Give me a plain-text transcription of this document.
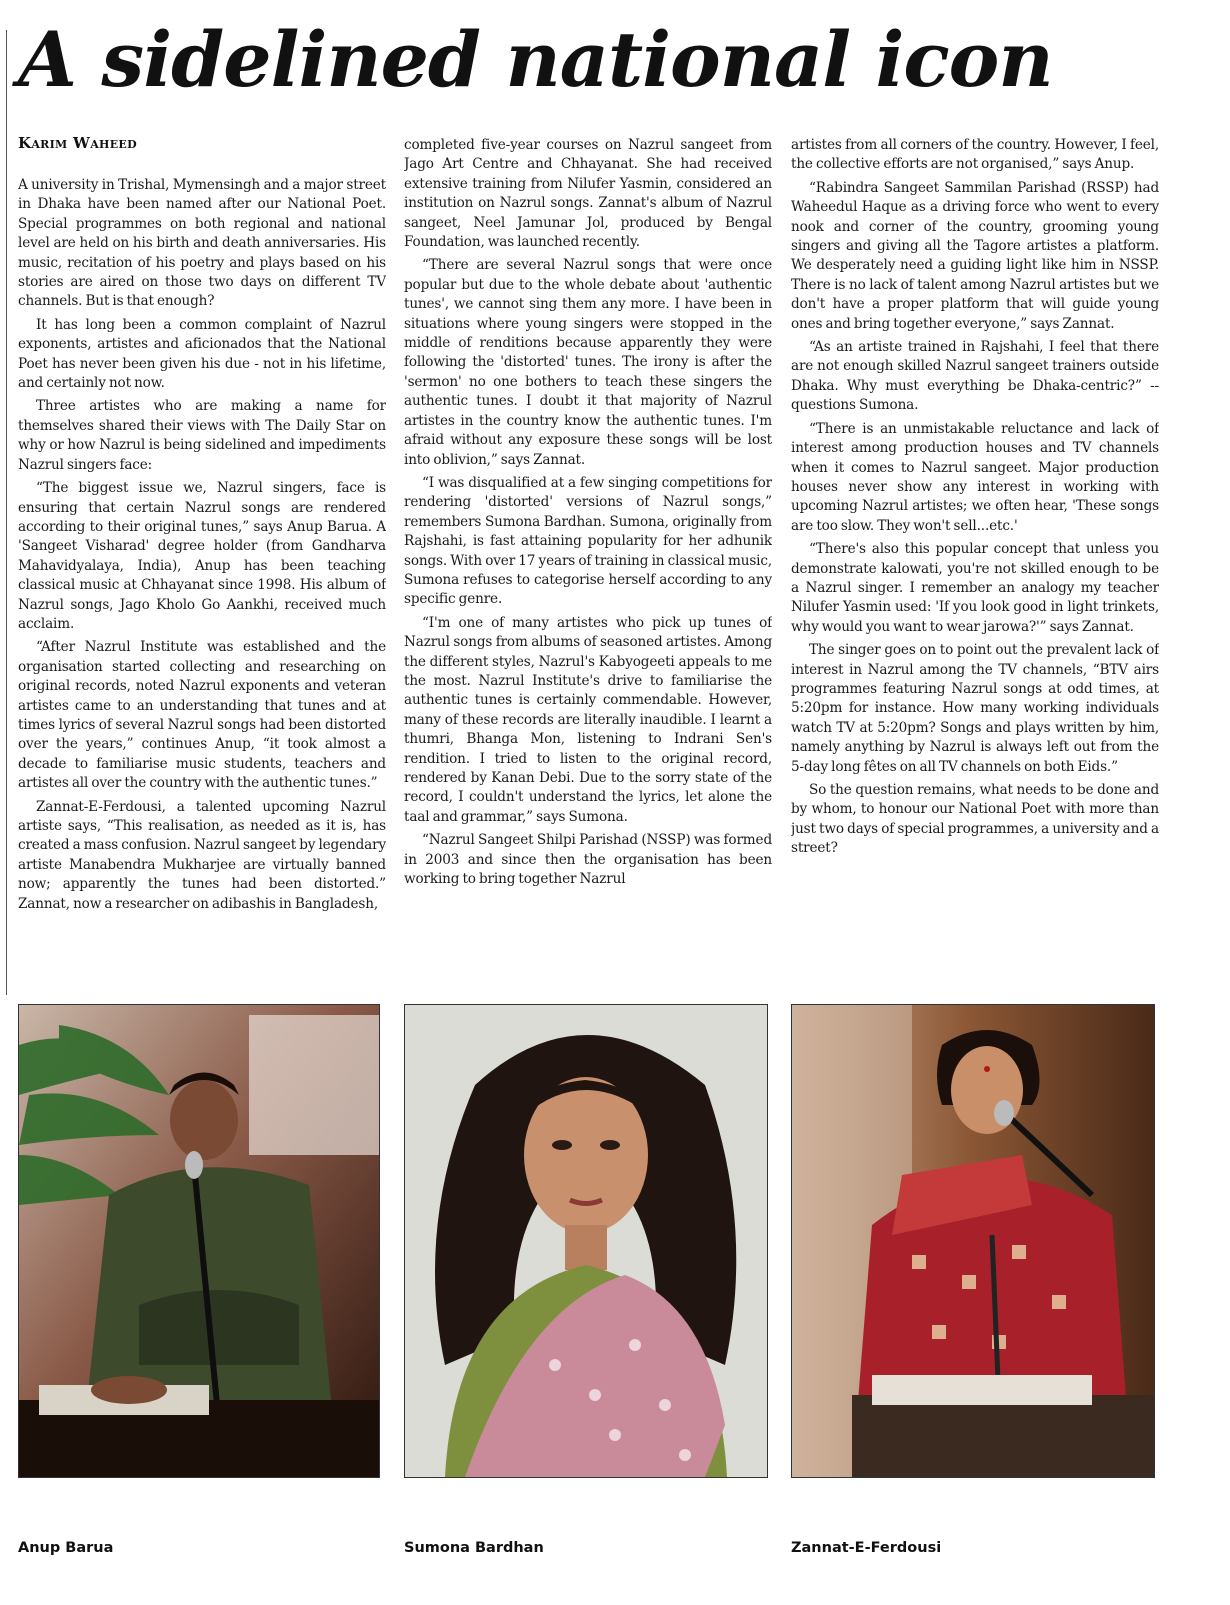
A sidelined national icon
Karim Waheed

A university in Trishal, Mymensingh and a major street in Dhaka have been named after our National Poet. Special programmes on both regional and national level are held on his birth and death anniversaries. His music, recitation of his poetry and plays based on his stories are aired on those two days on different TV channels. But is that enough?

It has long been a common complaint of Nazrul exponents, artistes and aficionados that the National Poet has never been given his due - not in his lifetime, and certainly not now.

Three artistes who are making a name for themselves shared their views with The Daily Star on why or how Nazrul is being sidelined and impediments Nazrul singers face:

“The biggest issue we, Nazrul singers, face is ensuring that certain Nazrul songs are rendered according to their original tunes,” says Anup Barua. A 'Sangeet Visharad' degree holder (from Gandharva Mahavidyalaya, India), Anup has been teaching classical music at Chhayanat since 1998. His album of Nazrul songs, Jago Kholo Go Aankhi, received much acclaim.

“After Nazrul Institute was established and the organisation started collecting and researching on original records, noted Nazrul exponents and veteran artistes came to an understanding that tunes and at times lyrics of several Nazrul songs had been distorted over the years,” continues Anup, “it took almost a decade to familiarise music students, teachers and artistes all over the country with the authentic tunes.”

Zannat-E-Ferdousi, a talented upcoming Nazrul artiste says, “This realisation, as needed as it is, has created a mass confusion. Nazrul sangeet by legendary artiste Manabendra Mukharjee are virtually banned now; apparently the tunes had been distorted.” Zannat, now a researcher on adibashis in Bangladesh,

completed five-year courses on Nazrul sangeet from Jago Art Centre and Chhayanat. She had received extensive training from Nilufer Yasmin, considered an institution on Nazrul songs. Zannat's album of Nazrul sangeet, Neel Jamunar Jol, produced by Bengal Foundation, was launched recently.

“There are several Nazrul songs that were once popular but due to the whole debate about 'authentic tunes', we cannot sing them any more. I have been in situations where young singers were stopped in the middle of renditions because apparently they were following the 'distorted' tunes. The irony is after the 'sermon' no one bothers to teach these singers the authentic tunes. I doubt it that majority of Nazrul artistes in the country know the authentic tunes. I'm afraid without any exposure these songs will be lost into oblivion,” says Zannat.

“I was disqualified at a few singing competitions for rendering 'distorted' versions of Nazrul songs,” remembers Sumona Bardhan. Sumona, originally from Rajshahi, is fast attaining popularity for her adhunik songs. With over 17 years of training in classical music, Sumona refuses to categorise herself according to any specific genre.

“I'm one of many artistes who pick up tunes of Nazrul songs from albums of seasoned artistes. Among the different styles, Nazrul's Kabyogeeti appeals to me the most. Nazrul Institute's drive to familiarise the authentic tunes is certainly commendable. However, many of these records are literally inaudible. I learnt a thumri, Bhanga Mon, listening to Indrani Sen's rendition. I tried to listen to the original record, rendered by Kanan Debi. Due to the sorry state of the record, I couldn't understand the lyrics, let alone the taal and grammar,” says Sumona.

“Nazrul Sangeet Shilpi Parishad (NSSP) was formed in 2003 and since then the organisation has been working to bring together Nazrul

artistes from all corners of the country. However, I feel, the collective efforts are not organised,” says Anup.

“Rabindra Sangeet Sammilan Parishad (RSSP) had Waheedul Haque as a driving force who went to every nook and corner of the country, grooming young singers and giving all the Tagore artistes a platform. We desperately need a guiding light like him in NSSP. There is no lack of talent among Nazrul artistes but we don't have a proper platform that will guide young ones and bring together everyone,” says Zannat.

“As an artiste trained in Rajshahi, I feel that there are not enough skilled Nazrul sangeet trainers outside Dhaka. Why must everything be Dhaka-centric?” -- questions Sumona.

“There is an unmistakable reluctance and lack of interest among production houses and TV channels when it comes to Nazrul sangeet. Major production houses never show any interest in working with upcoming Nazrul artistes; we often hear, 'These songs are too slow. They won't sell...etc.'

“There's also this popular concept that unless you demonstrate kalowati, you're not skilled enough to be a Nazrul singer. I remember an analogy my teacher Nilufer Yasmin used: 'If you look good in light trinkets, why would you want to wear jarowa?'” says Zannat.

The singer goes on to point out the prevalent lack of interest in Nazrul among the TV channels, “BTV airs programmes featuring Nazrul songs at odd times, at 5:20pm for instance. How many working individuals watch TV at 5:20pm? Songs and plays written by him, namely anything by Nazrul is always left out from the 5-day long fêtes on all TV channels on both Eids.”

So the question remains, what needs to be done and by whom, to honour our National Poet with more than just two days of special programmes, a university and a street?

Anup Barua	Sumona Bardhan	Zannat-E-Ferdousi
